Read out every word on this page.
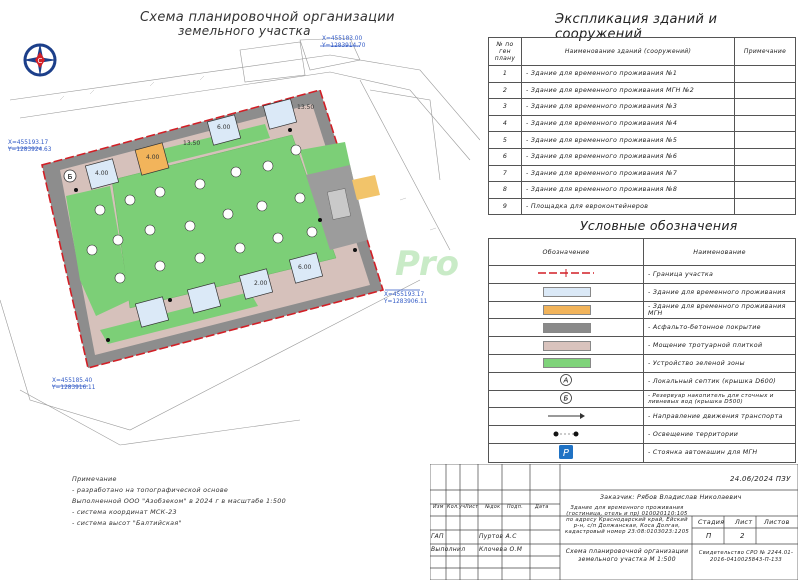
Схема планировочной организации
земельного участка
C
Б
Pro
X=455183.00
Y=1283914.70
X=455193.17
Y=1283924.63
X=455193.17
Y=1283906.11
X=455185.40
Y=1283916.11
13.50
13.50
4.00
6.00
4.00
2.00
6.00
Экспликация зданий и сооружений
№ по ген плану	Наименование зданий (сооружений)	Примечание
1	- Здание для временного проживания №1	
2	- Здание для временного проживания МГН №2	
3	- Здание для временного проживания №3	
4	- Здание для временного проживания №4	
5	- Здание для временного проживания №5	
6	- Здание для временного проживания №6	
7	- Здание для временного проживания №7	
8	- Здание для временного проживания №8	
9	- Площадка для еврокoнтейнеров	
Условные обозначения
Обозначение	Наименование
	- Граница участка
	- Здание для временного проживания
	- Здание для временного проживания МГН
	- Асфальто-бетонное покрытие
	- Мощение тротуарной плиткой
	- Устройство зеленой зоны

A	- Локальный септик (крышка D600)

Б	- Резервуар накопитель для сточных и ливневых вод (крышка D500)
	- Направление движения транспорта
	- Освещение территории

P	- Стоянка автомашин для МГН
Примечание
- разработано на топографической основе
Выполненной ООО "Азобзеком" в 2024 г в масштабе 1:500
- система координат МСК-23
- система высот "Балтийская"
24.06/2024 ПЗУ
Заказчик: Рябов Владислав Николаевич
Здание для временного проживания (гостиница, отель и пр) 010020110:105 по адресу Краснодарский край, Ейский р-н, с/п Должанская, Коса Долгая, кадастровый номер 23:08:0103023:1205
Схема планировочной организации земельного участка М 1:500
Изм Кол.уч Лист №док Подп. Дата
ГАП
Выполнил
Пуртов А.С
Клочева О.М
Стадия Лист Листов
П	2
Свидетельство СРО № 2244.01-2016-0410025843-П-133
